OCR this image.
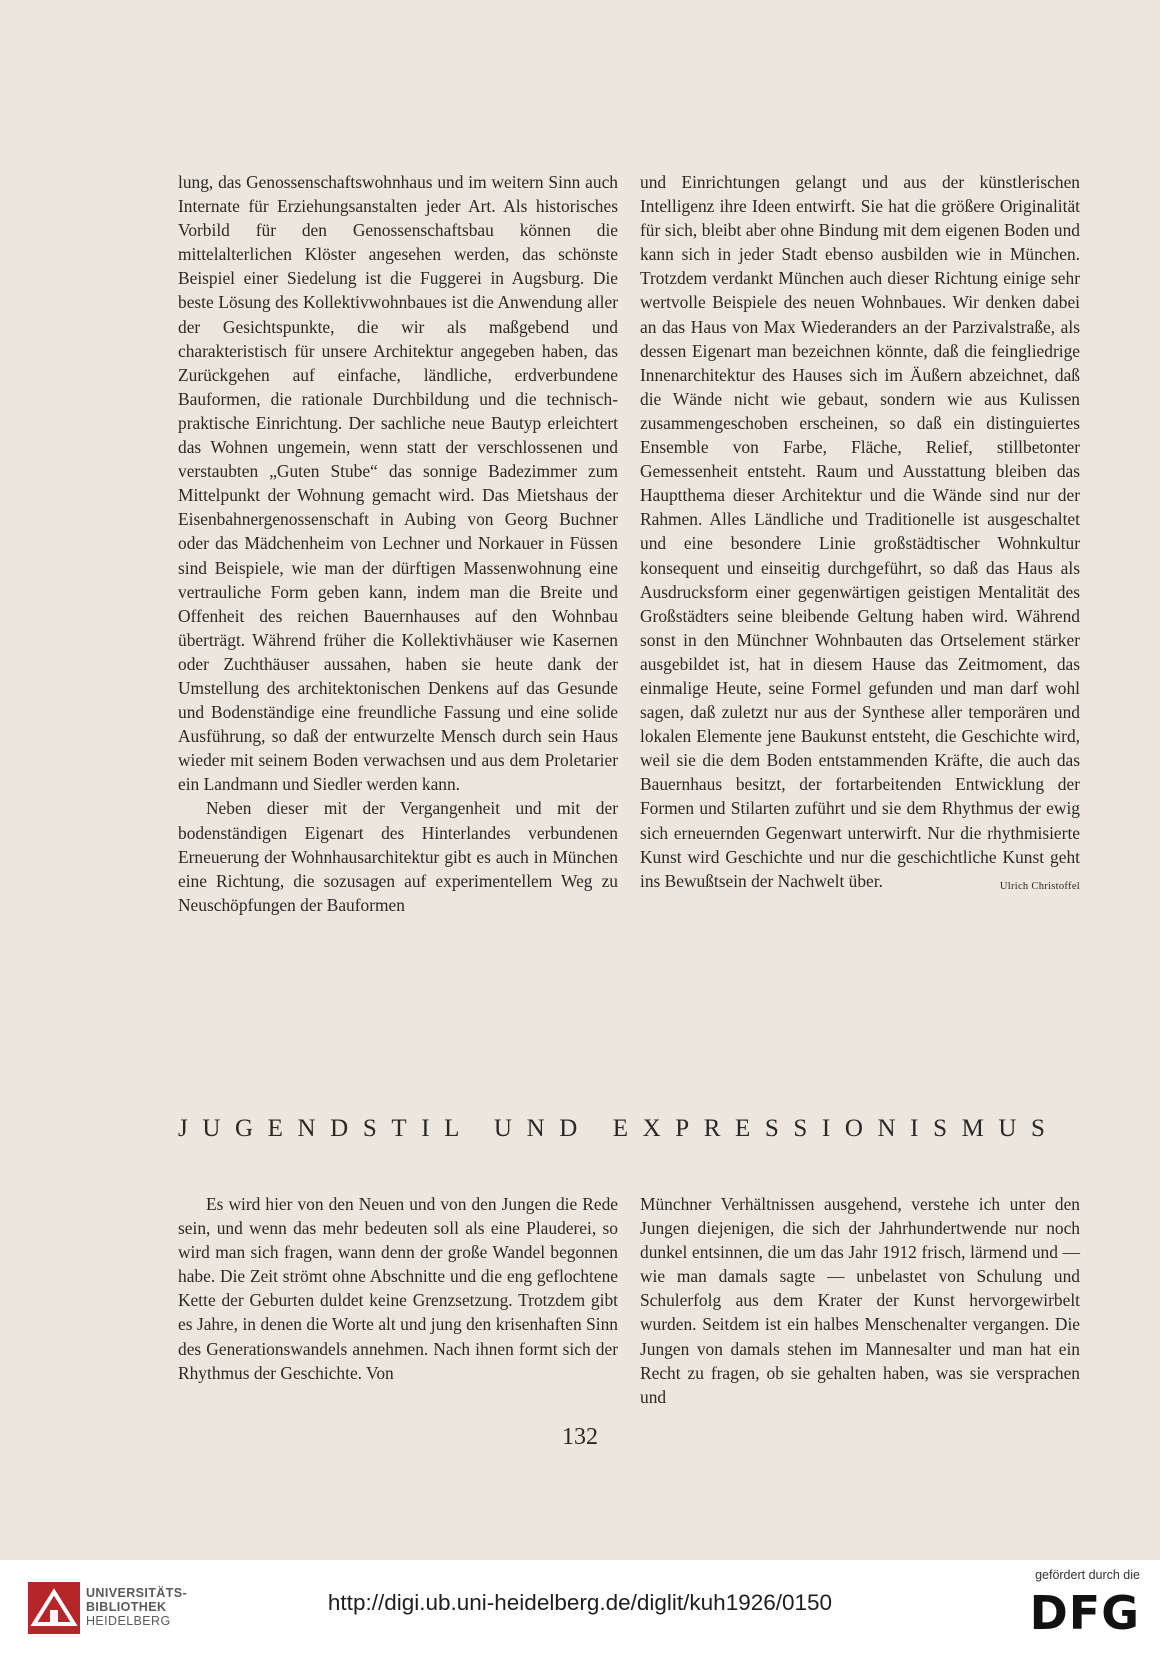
lung, das Genossenschaftswohnhaus und im weitern Sinn auch Internate für Erziehungsanstalten jeder Art. Als historisches Vorbild für den Genossenschaftsbau können die mittelalterlichen Klöster angesehen werden, das schönste Beispiel einer Siedelung ist die Fuggerei in Augsburg. Die beste Lösung des Kollektivwohnbaues ist die Anwendung aller der Gesichtspunkte, die wir als maßgebend und charakteristisch für unsere Architektur angegeben haben, das Zurückgehen auf einfache, ländliche, erdverbundene Bauformen, die rationale Durchbildung und die technisch-praktische Einrichtung. Der sachliche neue Bautyp erleichtert das Wohnen ungemein, wenn statt der verschlossenen und verstaubten „Guten Stube“ das sonnige Badezimmer zum Mittelpunkt der Wohnung gemacht wird. Das Mietshaus der Eisenbahnergenossenschaft in Aubing von Georg Buchner oder das Mädchenheim von Lechner und Norkauer in Füssen sind Beispiele, wie man der dürftigen Massenwohnung eine vertrauliche Form geben kann, indem man die Breite und Offenheit des reichen Bauernhauses auf den Wohnbau überträgt. Während früher die Kollektivhäuser wie Kasernen oder Zuchthäuser aussahen, haben sie heute dank der Umstellung des architektonischen Denkens auf das Gesunde und Bodenständige eine freundliche Fassung und eine solide Ausführung, so daß der entwurzelte Mensch durch sein Haus wieder mit seinem Boden verwachsen und aus dem Proletarier ein Landmann und Siedler werden kann.

Neben dieser mit der Vergangenheit und mit der bodenständigen Eigenart des Hinterlandes verbundenen Erneuerung der Wohnhausarchitektur gibt es auch in München eine Richtung, die sozusagen auf experimentellem Weg zu Neuschöpfungen der Bauformen

und Einrichtungen gelangt und aus der künstlerischen Intelligenz ihre Ideen entwirft. Sie hat die größere Originalität für sich, bleibt aber ohne Bindung mit dem eigenen Boden und kann sich in jeder Stadt ebenso ausbilden wie in München. Trotzdem verdankt München auch dieser Richtung einige sehr wertvolle Beispiele des neuen Wohnbaues. Wir denken dabei an das Haus von Max Wiederanders an der Parzivalstraße, als dessen Eigenart man bezeichnen könnte, daß die feingliedrige Innenarchitektur des Hauses sich im Äußern abzeichnet, daß die Wände nicht wie gebaut, sondern wie aus Kulissen zusammengeschoben erscheinen, so daß ein distinguiertes Ensemble von Farbe, Fläche, Relief, stillbetonter Gemessenheit entsteht. Raum und Ausstattung bleiben das Hauptthema dieser Architektur und die Wände sind nur der Rahmen. Alles Ländliche und Traditionelle ist ausgeschaltet und eine besondere Linie großstädtischer Wohnkultur konsequent und einseitig durchgeführt, so daß das Haus als Ausdrucksform einer gegenwärtigen geistigen Mentalität des Großstädters seine bleibende Geltung haben wird. Während sonst in den Münchner Wohnbauten das Ortselement stärker ausgebildet ist, hat in diesem Hause das Zeitmoment, das einmalige Heute, seine Formel gefunden und man darf wohl sagen, daß zuletzt nur aus der Synthese aller temporären und lokalen Elemente jene Baukunst entsteht, die Geschichte wird, weil sie die dem Boden entstammenden Kräfte, die auch das Bauernhaus besitzt, der fortarbeitenden Entwicklung der Formen und Stilarten zuführt und sie dem Rhythmus der ewig sich erneuernden Gegenwart unterwirft. Nur die rhythmisierte Kunst wird Geschichte und nur die geschichtliche Kunst geht ins Bewußtsein der Nachwelt über.	Ulrich Christoffel

JUGENDSTIL UND EXPRESSIONISMUS

Es wird hier von den Neuen und von den Jungen die Rede sein, und wenn das mehr bedeuten soll als eine Plauderei, so wird man sich fragen, wann denn der große Wandel begonnen habe. Die Zeit strömt ohne Abschnitte und die eng geflochtene Kette der Geburten duldet keine Grenzsetzung. Trotzdem gibt es Jahre, in denen die Worte alt und jung den krisenhaften Sinn des Generationswandels annehmen. Nach ihnen formt sich der Rhythmus der Geschichte. Von

Münchner Verhältnissen ausgehend, verstehe ich unter den Jungen diejenigen, die sich der Jahrhundertwende nur noch dunkel entsinnen, die um das Jahr 1912 frisch, lärmend und — wie man damals sagte — unbelastet von Schulung und Schulerfolg aus dem Krater der Kunst hervorgewirbelt wurden. Seitdem ist ein halbes Menschenalter vergangen. Die Jungen von damals stehen im Mannesalter und man hat ein Recht zu fragen, ob sie gehalten haben, was sie versprachen und

132

UNIVERSITÄTS-
BIBLIOTHEK
HEIDELBERG
http://digi.ub.uni-heidelberg.de/diglit/kuh1926/0150
gefördert durch die
DFG
